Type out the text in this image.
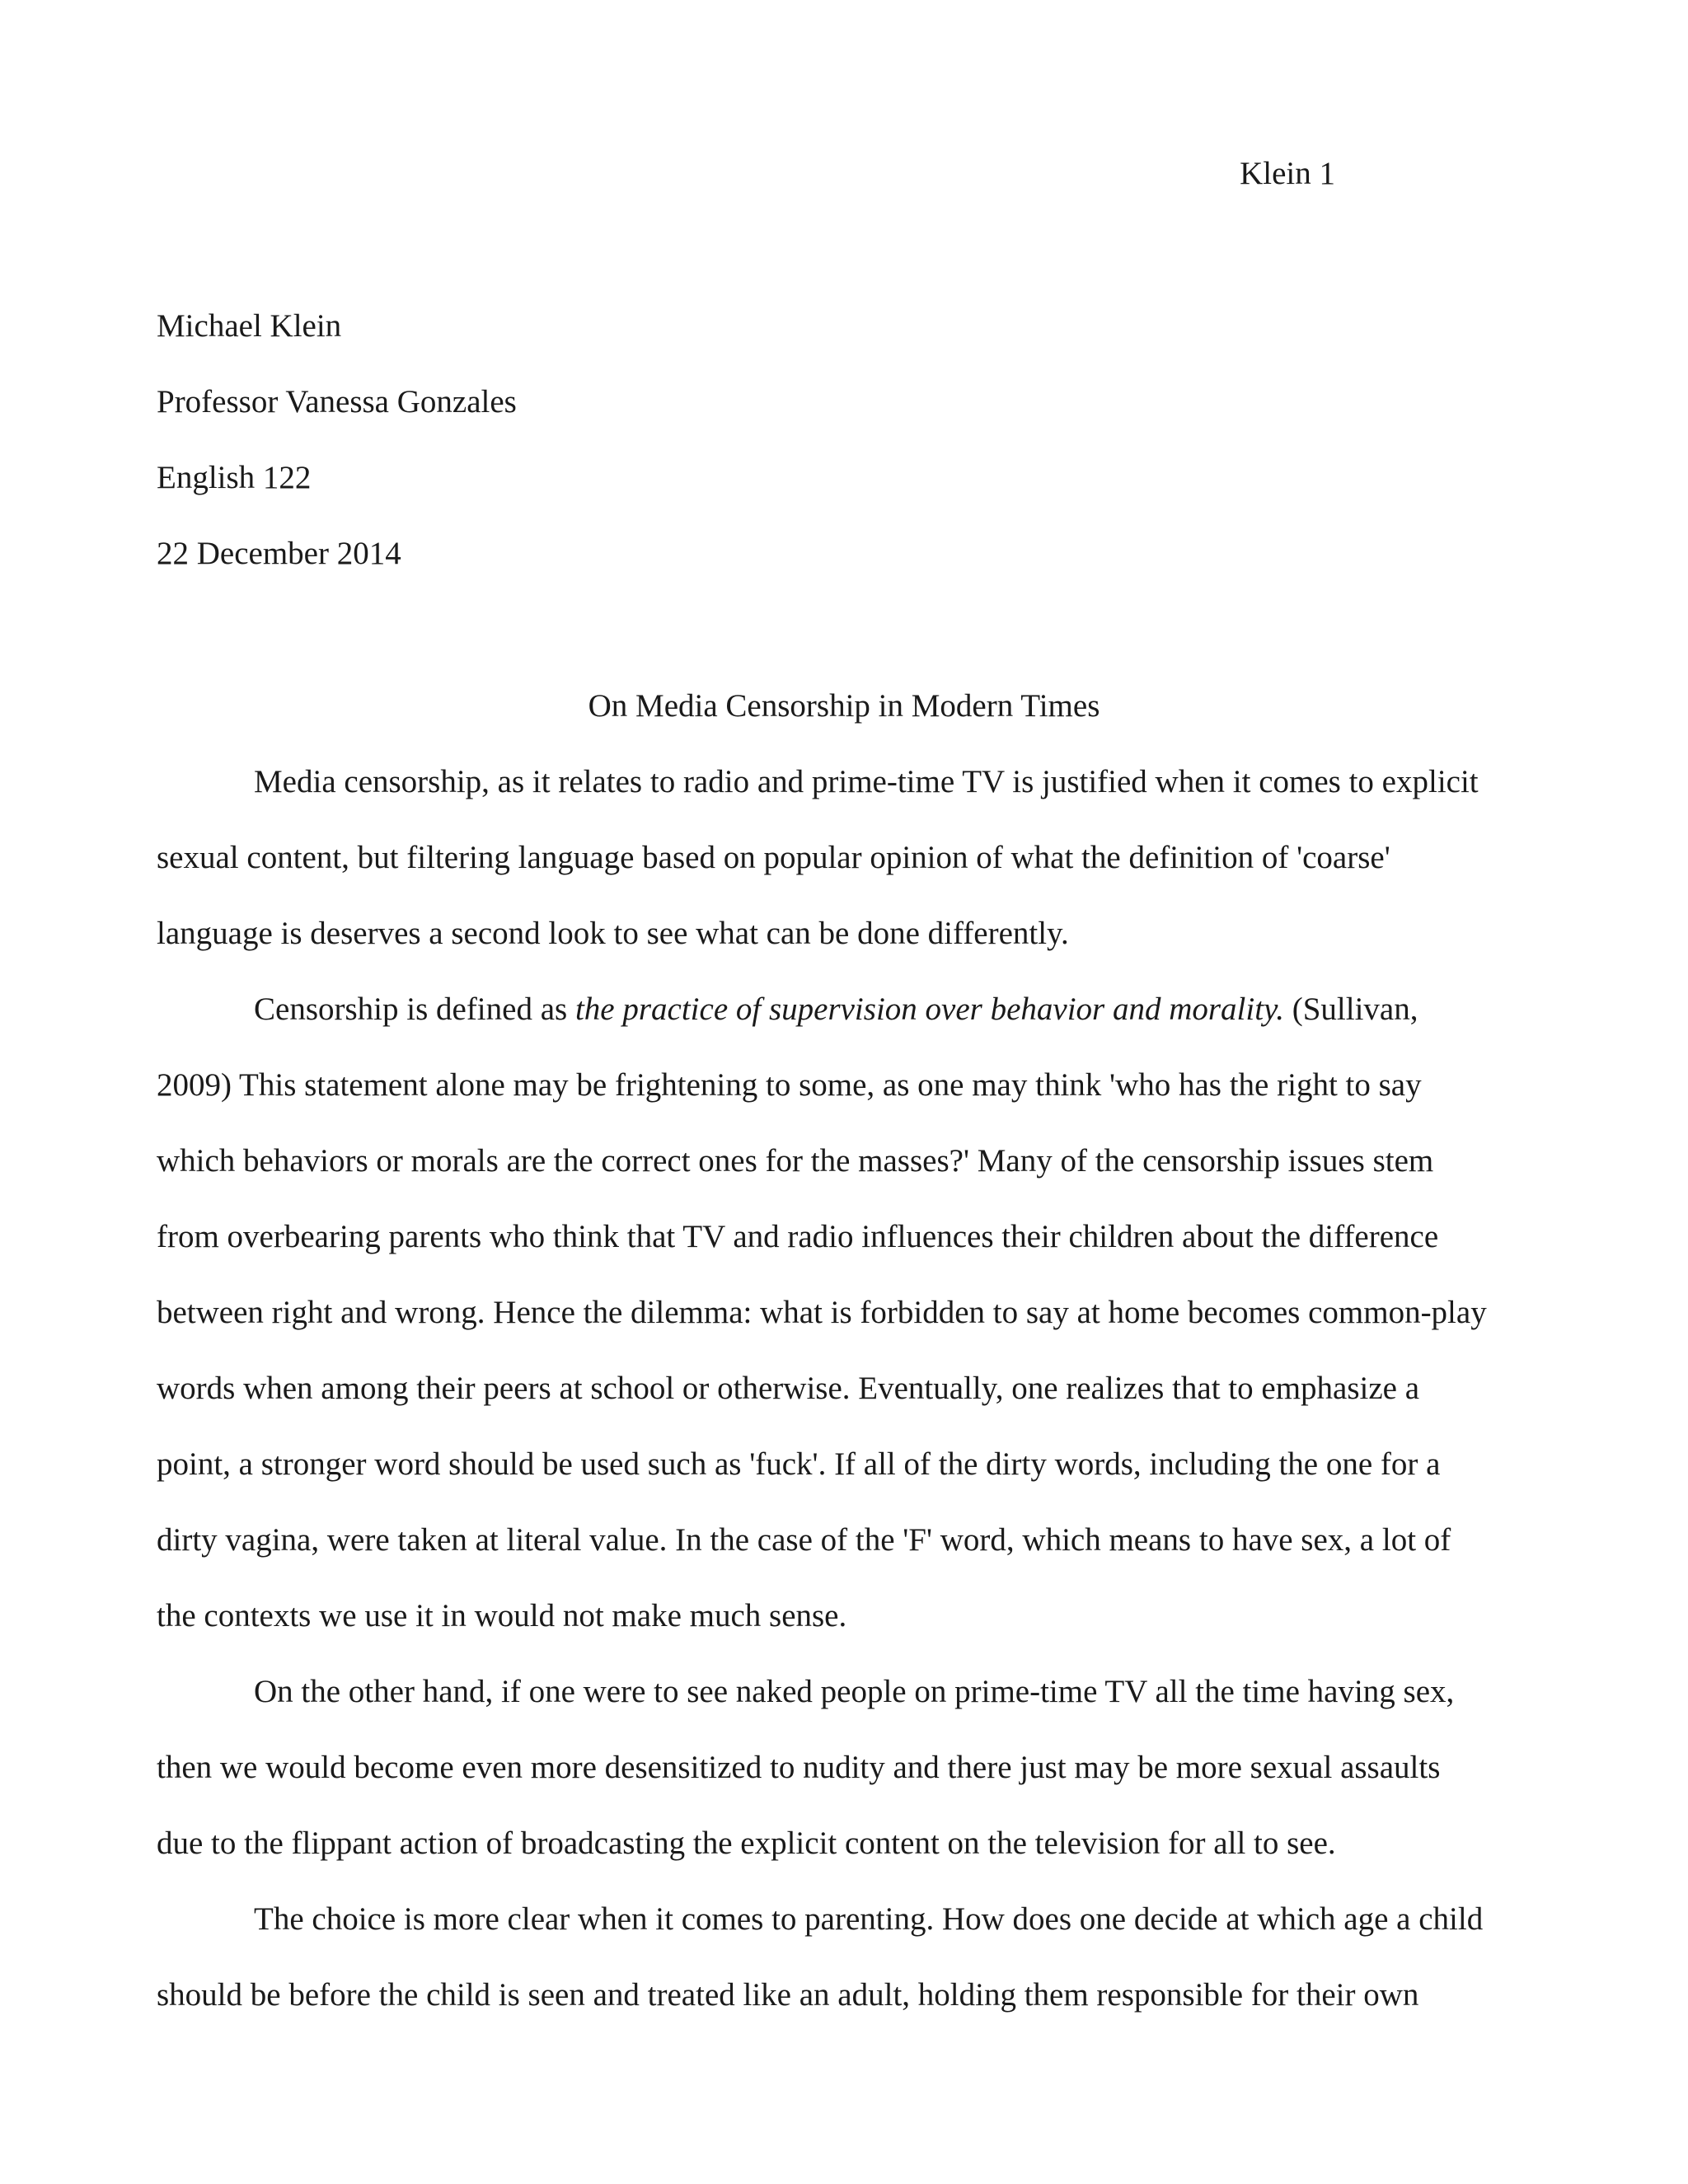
Klein 1
Michael Klein
Professor Vanessa Gonzales
English 122
22 December 2014
On Media Censorship in Modern Times
Media censorship, as it relates to radio and prime-time TV is justified when it comes to explicit
sexual content, but filtering language based on popular opinion of what the definition of 'coarse'
language is deserves a second look to see what can be done differently.
Censorship is defined as the practice of supervision over behavior and morality. (Sullivan,
2009) This statement alone may be frightening to some, as one may think 'who has the right to say
which behaviors or morals are the correct ones for the masses?' Many of the censorship issues stem
from overbearing parents who think that TV and radio influences their children about the difference
between right and wrong. Hence the dilemma: what is forbidden to say at home becomes common-play
words when among their peers at school or otherwise. Eventually, one realizes that to emphasize a
point, a stronger word should be used such as 'fuck'. If all of the dirty words, including the one for a
dirty vagina, were taken at literal value. In the case of the 'F' word, which means to have sex, a lot of
the contexts we use it in would not make much sense.
On the other hand, if one were to see naked people on prime-time TV all the time having sex,
then we would become even more desensitized to nudity and there just may be more sexual assaults
due to the flippant action of broadcasting the explicit content on the television for all to see.
The choice is more clear when it comes to parenting. How does one decide at which age a child
should be before the child is seen and treated like an adult, holding them responsible for their own
